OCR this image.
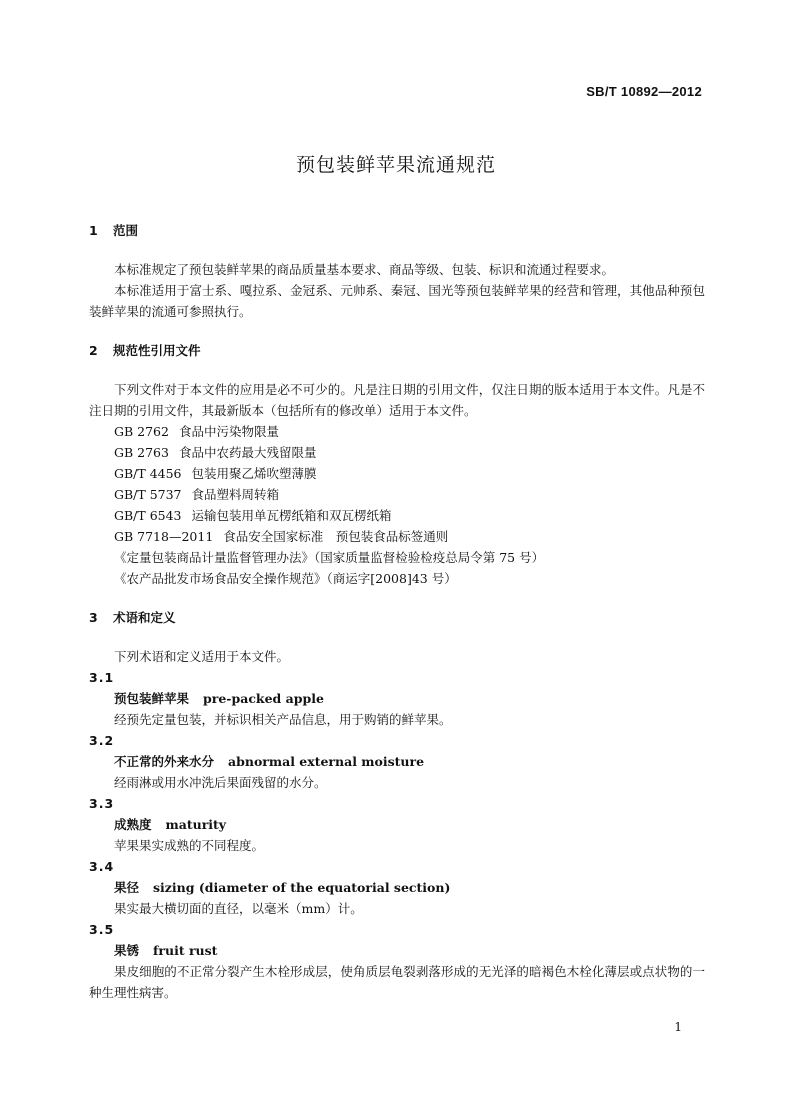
SB/T 10892—2012
预包装鲜苹果流通规范
1 范围

本标准规定了预包装鲜苹果的商品质量基本要求、商品等级、包装、标识和流通过程要求。

本标准适用于富士系、嘎拉系、金冠系、元帅系、秦冠、国光等预包装鲜苹果的经营和管理，其他品种预包装鲜苹果的流通可参照执行。

2 规范性引用文件

下列文件对于本文件的应用是必不可少的。凡是注日期的引用文件，仅注日期的版本适用于本文件。凡是不注日期的引用文件，其最新版本（包括所有的修改单）适用于本文件。

GB 2762 食品中污染物限量

GB 2763 食品中农药最大残留限量

GB/T 4456 包装用聚乙烯吹塑薄膜

GB/T 5737 食品塑料周转箱

GB/T 6543 运输包装用单瓦楞纸箱和双瓦楞纸箱

GB 7718—2011 食品安全国家标准　预包装食品标签通则

《定量包装商品计量监督管理办法》（国家质量监督检验检疫总局令第 75 号）

《农产品批发市场食品安全操作规范》（商运字[2008]43 号）

3 术语和定义

下列术语和定义适用于本文件。

3.1

预包装鲜苹果 pre-packed apple

经预先定量包装，并标识相关产品信息，用于购销的鲜苹果。

3.2

不正常的外来水分 abnormal external moisture

经雨淋或用水冲洗后果面残留的水分。

3.3

成熟度 maturity

苹果果实成熟的不同程度。

3.4

果径 sizing (diameter of the equatorial section)

果实最大横切面的直径，以毫米（mm）计。

3.5

果锈 fruit rust

果皮细胞的不正常分裂产生木栓形成层，使角质层龟裂剥落形成的无光泽的暗褐色木栓化薄层或点状物的一种生理性病害。

1
